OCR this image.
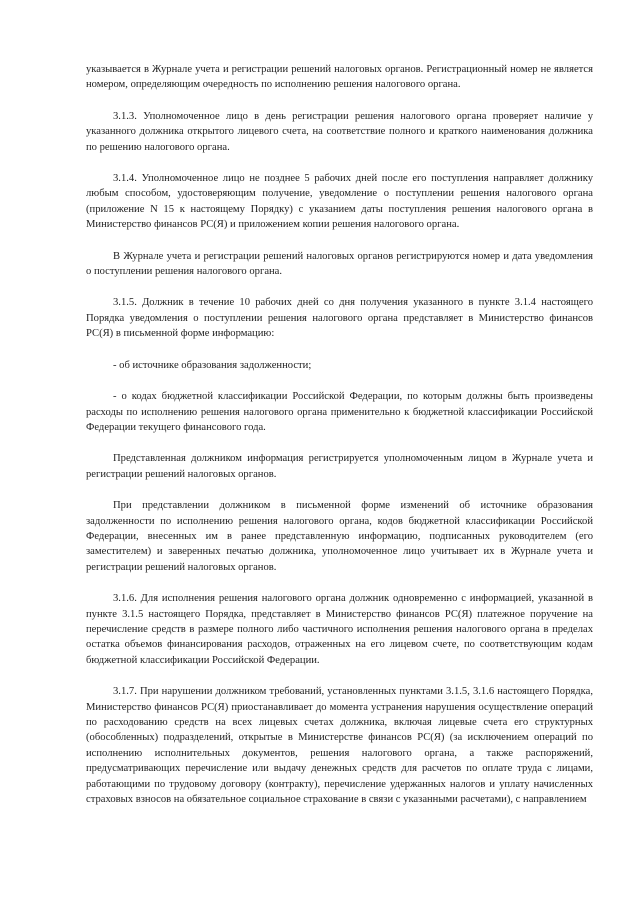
указывается в Журнале учета и регистрации решений налоговых органов. Регистрационный номер не является номером, определяющим очередность по исполнению решения налогового органа.

3.1.3. Уполномоченное лицо в день регистрации решения налогового органа проверяет наличие у указанного должника открытого лицевого счета, на соответствие полного и краткого наименования должника по решению налогового органа.

3.1.4. Уполномоченное лицо не позднее 5 рабочих дней после его поступления направляет должнику любым способом, удостоверяющим получение, уведомление о поступлении решения налогового органа (приложение N 15 к настоящему Порядку) с указанием даты поступления решения налогового органа в Министерство финансов РС(Я) и приложением копии решения налогового органа.

В Журнале учета и регистрации решений налоговых органов регистрируются номер и дата уведомления о поступлении решения налогового органа.

3.1.5. Должник в течение 10 рабочих дней со дня получения указанного в пункте 3.1.4 настоящего Порядка уведомления о поступлении решения налогового органа представляет в Министерство финансов РС(Я) в письменной форме информацию:

- об источнике образования задолженности;

- о кодах бюджетной классификации Российской Федерации, по которым должны быть произведены расходы по исполнению решения налогового органа применительно к бюджетной классификации Российской Федерации текущего финансового года.

Представленная должником информация регистрируется уполномоченным лицом в Журнале учета и регистрации решений налоговых органов.

При представлении должником в письменной форме изменений об источнике образования задолженности по исполнению решения налогового органа, кодов бюджетной классификации Российской Федерации, внесенных им в ранее представленную информацию, подписанных руководителем (его заместителем) и заверенных печатью должника, уполномоченное лицо учитывает их в Журнале учета и регистрации решений налоговых органов.

3.1.6. Для исполнения решения налогового органа должник одновременно с информацией, указанной в пункте 3.1.5 настоящего Порядка, представляет в Министерство финансов РС(Я) платежное поручение на перечисление средств в размере полного либо частичного исполнения решения налогового органа в пределах остатка объемов финансирования расходов, отраженных на его лицевом счете, по соответствующим кодам бюджетной классификации Российской Федерации.

3.1.7. При нарушении должником требований, установленных пунктами 3.1.5, 3.1.6 настоящего Порядка, Министерство финансов РС(Я) приостанавливает до момента устранения нарушения осуществление операций по расходованию средств на всех лицевых счетах должника, включая лицевые счета его структурных (обособленных) подразделений, открытые в Министерстве финансов РС(Я) (за исключением операций по исполнению исполнительных документов, решения налогового органа, а также распоряжений, предусматривающих перечисление или выдачу денежных средств для расчетов по оплате труда с лицами, работающими по трудовому договору (контракту), перечисление удержанных налогов и уплату начисленных страховых взносов на обязательное социальное страхование в связи с указанными расчетами), с направлением
